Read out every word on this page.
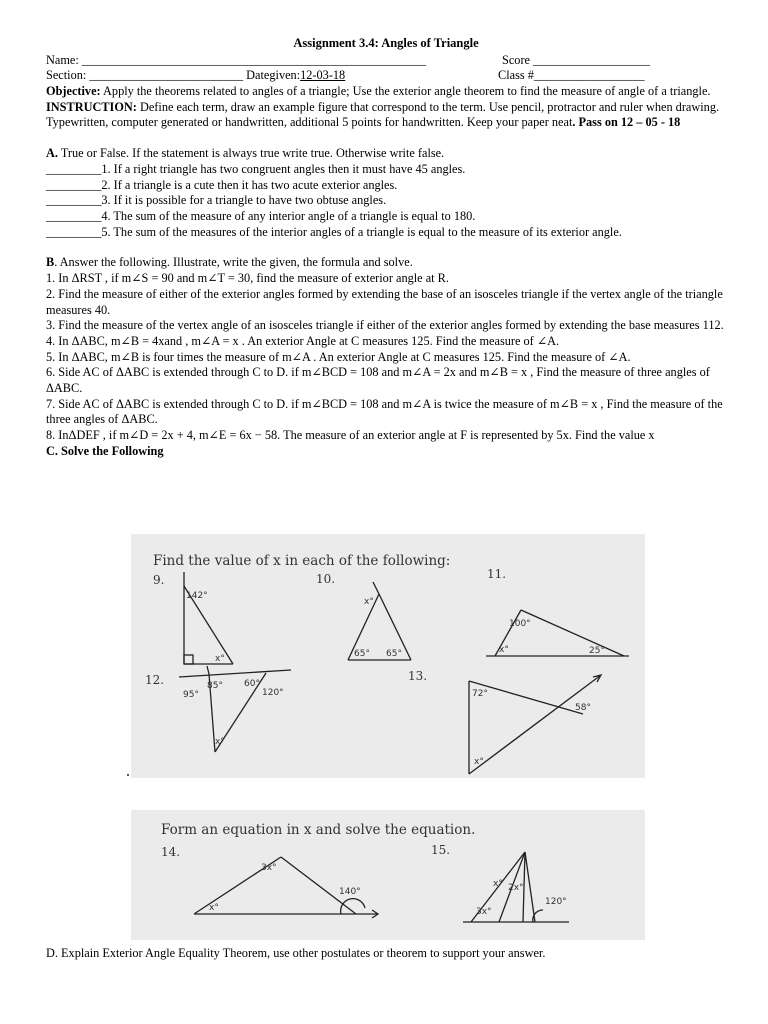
Assignment 3.4: Angles of Triangle
Name: ________________________________________________________	Score ___________________
Section: _________________________ Dategiven:12-03-18	Class #__________________

Objective: Apply the theorems related to angles of a triangle; Use the exterior angle theorem to find the measure of angle of a triangle.

INSTRUCTION: Define each term, draw an example figure that correspond to the term. Use pencil, protractor and ruler when drawing. Typewritten, computer generated or handwritten, additional 5 points for handwritten. Keep your paper neat. Pass on 12 – 05 - 18

A. True or False. If the statement is always true write true. Otherwise write false.

_________1. If a right triangle has two congruent angles then it must have 45 angles.

_________2. If a triangle is a cute then it has two acute exterior angles.

_________3. If it is possible for a triangle to have two obtuse angles.

_________4. The sum of the measure of any interior angle of a triangle is equal to 180.

_________5. The sum of the measures of the interior angles of a triangle is equal to the measure of its exterior angle.

B. Answer the following. Illustrate, write the given, the formula and solve.

1. In ΔRST , if m∠S = 90 and m∠T = 30, find the measure of exterior angle at R.

2. Find the measure of either of the exterior angles formed by extending the base of an isosceles triangle if the vertex angle of the triangle measures 40.

3. Find the measure of the vertex angle of an isosceles triangle if either of the exterior angles formed by extending the base measures 112.

4. In ΔABC, m∠B = 4xand , m∠A = x . An exterior Angle at C measures 125. Find the measure of ∠A.

5. In ΔABC, m∠B is four times the measure of m∠A . An exterior Angle at C measures 125. Find the measure of ∠A.

6. Side AC of ΔABC is extended through C to D. if m∠BCD = 108 and m∠A = 2x and m∠B = x , Find the measure of three angles of ΔABC.

7. Side AC of ΔABC is extended through C to D. if m∠BCD = 108 and m∠A is twice the measure of m∠B = x , Find the measure of the three angles of ΔABC.

8. InΔDEF , if m∠D = 2x + 4, m∠E = 6x − 58. The measure of an exterior angle at F is represented by 5x. Find the value x

C. Solve the Following

Find the value of x in each of the following:
9.	10.	11.
12.	13.
142°
x°
x°
65° 65°
100°
x°	25°
85° 60°
95°	120°
x°
72°
58°
x°
Form an equation in x and solve the equation.
14.	15.
3x°
140°
x°
x° 2x°
3x°
120°

D. Explain Exterior Angle Equality Theorem, use other postulates or theorem to support your answer.
